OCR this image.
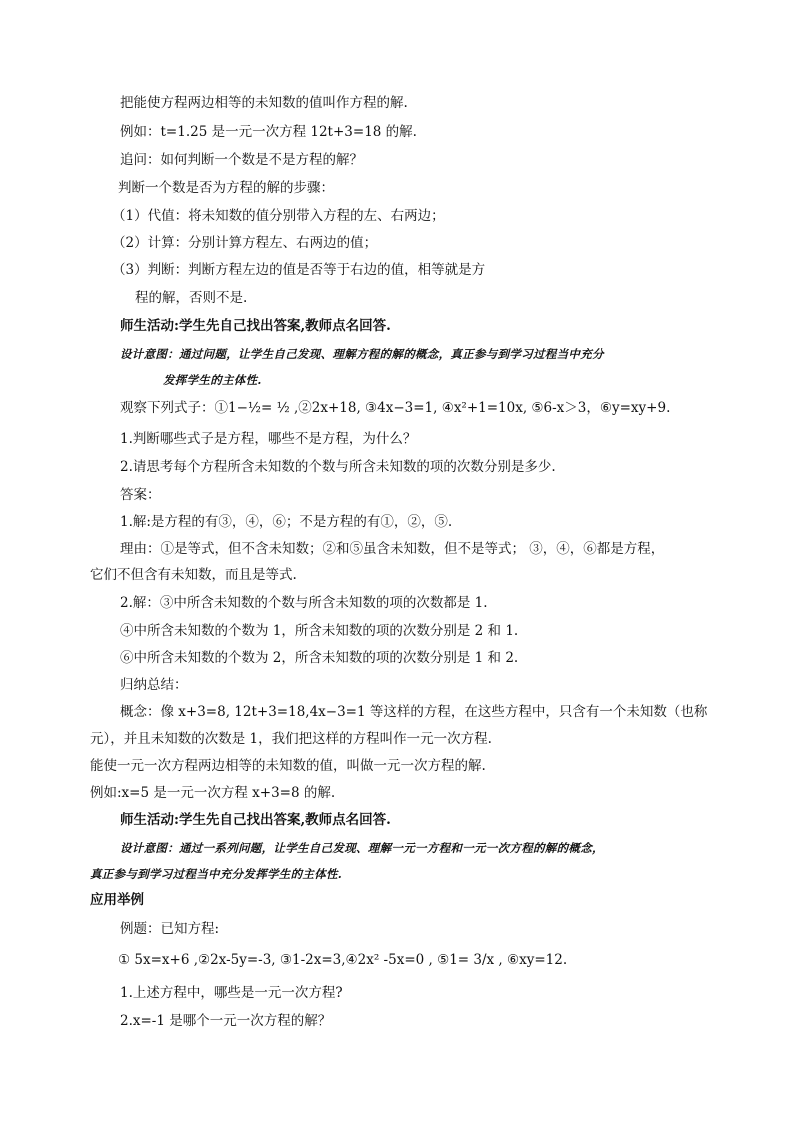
把能使方程两边相等的未知数的值叫作方程的解.
例如：t=1.25 是一元一次方程 12t+3=18 的解.
追问：如何判断一个数是不是方程的解？
判断一个数是否为方程的解的步骤：
（1）代值：将未知数的值分别带入方程的左、右两边；
（2）计算：分别计算方程左、右两边的值；
（3）判断：判断方程左边的值是否等于右边的值，相等就是方
程的解，否则不是.
师生活动:学生先自己找出答案,教师点名回答.
设计意图：通过问题，让学生自己发现、理解方程的解的概念，真正参与到学习过程当中充分
发挥学生的主体性.
观察下列式子：①1−½= ½ ,②2x+18, ③4x−3=1, ④x²+1=10x, ⑤6-x＞3，⑥y=xy+9.
1.判断哪些式子是方程，哪些不是方程，为什么？
2.请思考每个方程所含未知数的个数与所含未知数的项的次数分别是多少.
答案：
1.解:是方程的有③，④，⑥；不是方程的有①，②，⑤.
理由：①是等式，但不含未知数；②和⑤虽含未知数，但不是等式； ③，④，⑥都是方程，
它们不但含有未知数，而且是等式.
2.解：③中所含未知数的个数与所含未知数的项的次数都是 1.
④中所含未知数的个数为 1，所含未知数的项的次数分别是 2 和 1.
⑥中所含未知数的个数为 2，所含未知数的项的次数分别是 1 和 2.
归纳总结：
概念：像 x+3=8, 12t+3=18,4x−3=1 等这样的方程，在这些方程中，只含有一个未知数（也称
元），并且未知数的次数是 1，我们把这样的方程叫作一元一次方程.
能使一元一次方程两边相等的未知数的值，叫做一元一次方程的解.
例如:x=5 是一元一次方程 x+3=8 的解.
师生活动:学生先自己找出答案,教师点名回答.
设计意图：通过一系列问题，让学生自己发现、理解一元一方程和一元一次方程的解的概念，
真正参与到学习过程当中充分发挥学生的主体性.
应用举例
例题：已知方程:
① 5x=x+6 ,②2x-5y=-3, ③1-2x=3,④2x² -5x=0 , ⑤1= 3/x , ⑥xy=12.
1.上述方程中，哪些是一元一次方程?
2.x=-1 是哪个一元一次方程的解？
